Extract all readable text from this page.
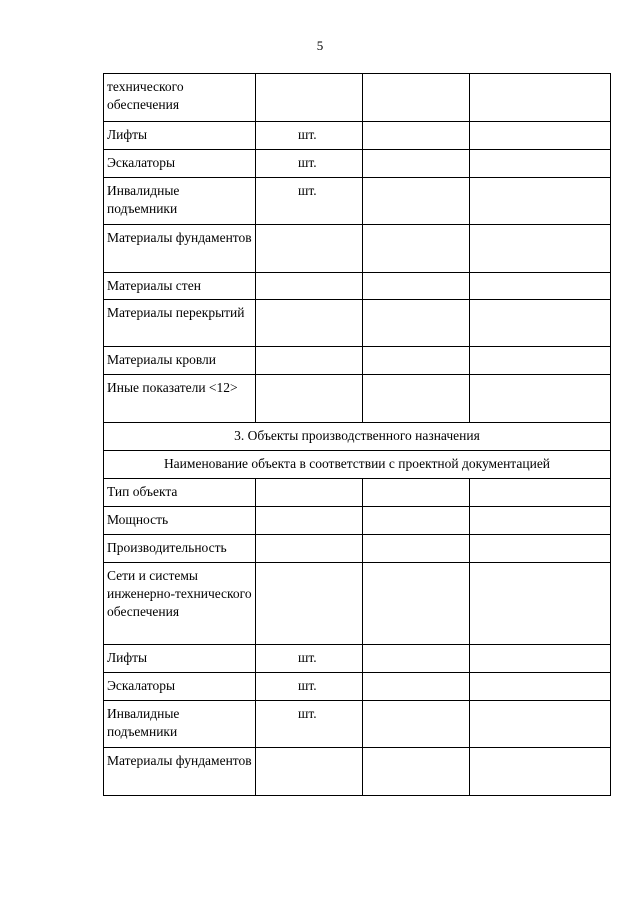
5
технического обеспечения			
Лифты	шт.		
Эскалаторы	шт.		
Инвалидные подъемники	шт.		
Материалы фундаментов			
Материалы стен			
Материалы перекрытий			
Материалы кровли			
Иные показатели <12>			
3. Объекты производственного назначения			
Наименование объекта в соответствии с проектной документацией			
Тип объекта			
Мощность			
Производительность			
Сети и системы инженерно-технического обеспечения			
Лифты	шт.		
Эскалаторы	шт.		
Инвалидные подъемники	шт.		
Материалы фундаментов			
